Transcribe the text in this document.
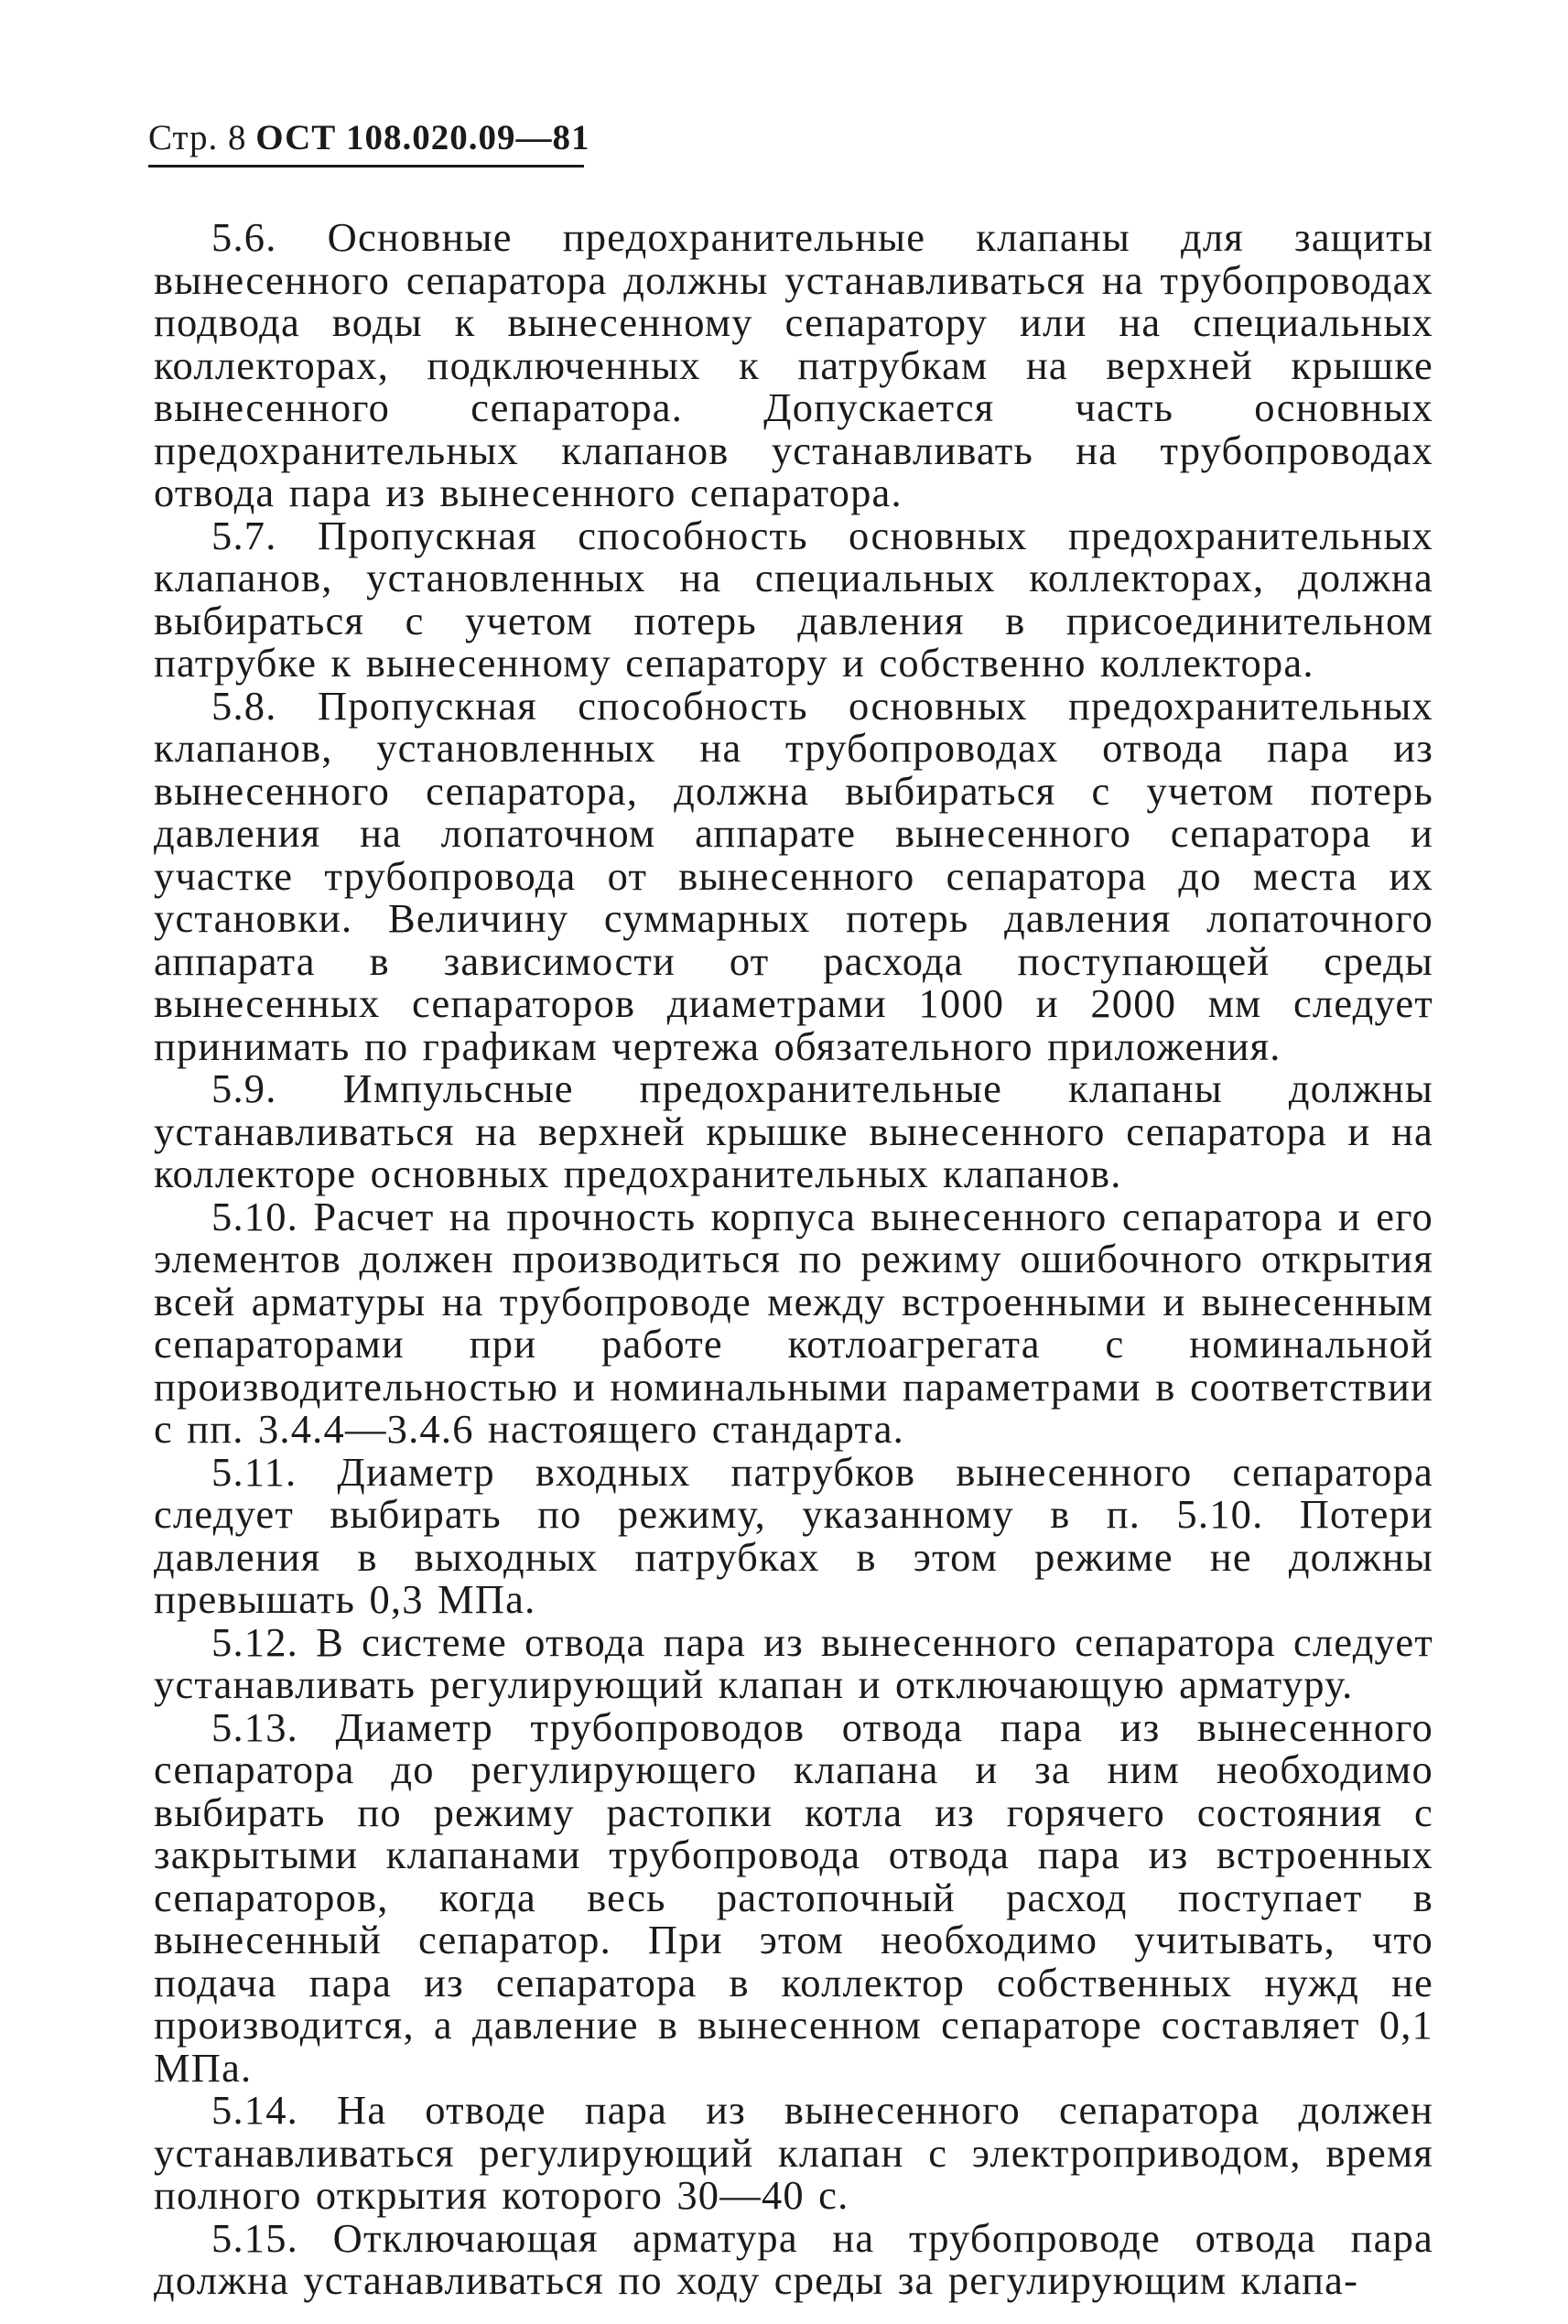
Стр. 8 ОСТ 108.020.09—81

5.6. Основные предохранительные клапаны для защиты вынесенного сепаратора должны устанавливаться на трубопроводах подвода воды к вынесенному сепаратору или на специальных коллекторах, подключенных к патрубкам на верхней крышке вынесенного сепаратора. Допускается часть основных предохранительных клапанов устанавливать на трубопроводах отвода пара из вынесенного сепаратора.

5.7. Пропускная способность основных предохранительных клапанов, установленных на специальных коллекторах, должна выбираться с учетом потерь давления в присоединительном патрубке к вынесенному сепаратору и собственно коллектора.

5.8. Пропускная способность основных предохранительных клапанов, установленных на трубопроводах отвода пара из вынесенного сепаратора, должна выбираться с учетом потерь давления на лопаточном аппарате вынесенного сепаратора и участке трубопровода от вынесенного сепаратора до места их установки. Величину суммарных потерь давления лопаточного аппарата в зависимости от расхода поступающей среды вынесенных сепараторов диаметрами 1000 и 2000 мм следует принимать по графикам чертежа обязательного приложения.

5.9. Импульсные предохранительные клапаны должны устанавливаться на верхней крышке вынесенного сепаратора и на коллекторе основных предохранительных клапанов.

5.10. Расчет на прочность корпуса вынесенного сепаратора и его элементов должен производиться по режиму ошибочного открытия всей арматуры на трубопроводе между встроенными и вынесенным сепараторами при работе котлоагрегата с номинальной производительностью и номинальными параметрами в соответствии с пп. 3.4.4—3.4.6 настоящего стандарта.

5.11. Диаметр входных патрубков вынесенного сепаратора следует выбирать по режиму, указанному в п. 5.10. Потери давления в выходных патрубках в этом режиме не должны превышать 0,3 МПа.

5.12. В системе отвода пара из вынесенного сепаратора следует устанавливать регулирующий клапан и отключающую арматуру.

5.13. Диаметр трубопроводов отвода пара из вынесенного сепаратора до регулирующего клапана и за ним необходимо выбирать по режиму растопки котла из горячего состояния с закрытыми клапанами трубопровода отвода пара из встроенных сепараторов, когда весь растопочный расход поступает в вынесенный сепаратор. При этом необходимо учитывать, что подача пара из сепаратора в коллектор собственных нужд не производится, а давление в вынесенном сепараторе составляет 0,1 МПа.

5.14. На отводе пара из вынесенного сепаратора должен устанавливаться регулирующий клапан с электроприводом, время полного открытия которого 30—40 с.

5.15. Отключающая арматура на трубопроводе отвода пара должна устанавливаться по ходу среды за регулирующим клапа-
